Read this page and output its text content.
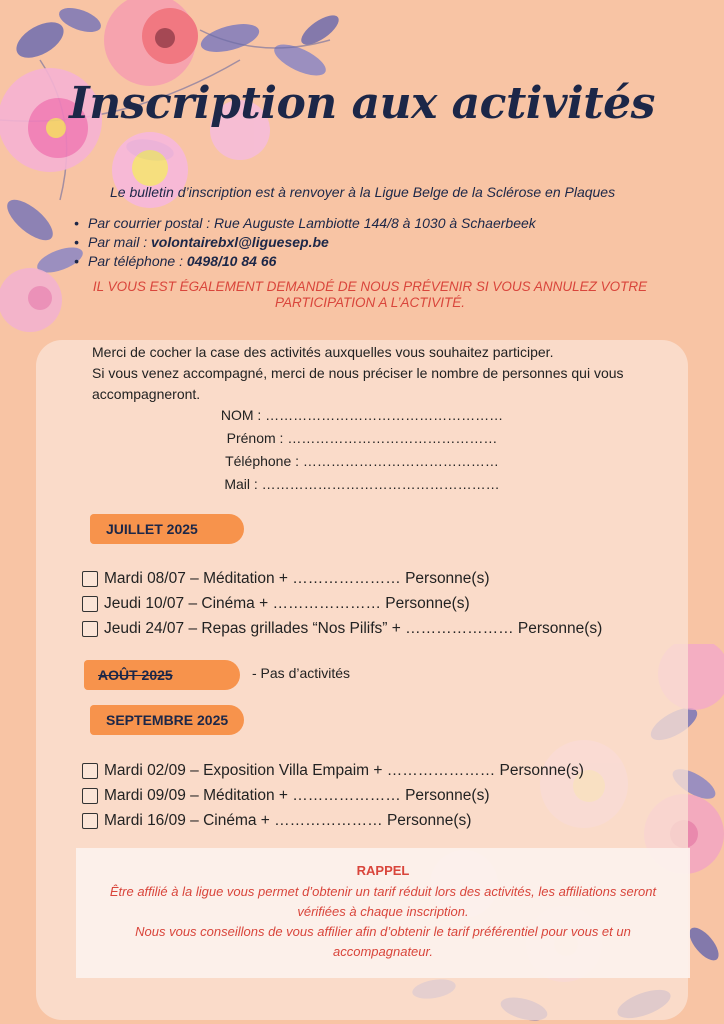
Inscription aux activités
Le bulletin d’inscription est à renvoyer à la Ligue Belge de la Sclérose en Plaques
• Par courrier postal : Rue Auguste Lambiotte 144/8 à 1030 à Schaerbeek
• Par mail : volontairebxl@liguesep.be
• Par téléphone : 0498/10 84 66
IL VOUS EST ÉGALEMENT DEMANDÉ DE NOUS PRÉVENIR SI VOUS ANNULEZ VOTRE PARTICIPATION A L’ACTIVITÉ.
Merci de cocher la case des activités auxquelles vous souhaitez participer.
Si vous venez accompagné, merci de nous préciser le nombre de personnes qui vous accompagneront.
NOM : ……………………………………………
Prénom : ………………………………………
Téléphone : ……………………………………
Mail : ……………………………………………
JUILLET 2025
Mardi 08/07 – Méditation + ………………… Personne(s)
Jeudi 10/07 – Cinéma + ………………… Personne(s)
Jeudi 24/07 – Repas grillades “Nos Pilifs” + ………………… Personne(s)
AOÛT 2025	- Pas d’activités
SEPTEMBRE 2025
Mardi 02/09 – Exposition Villa Empaim + ………………… Personne(s)
Mardi 09/09 – Méditation + ………………… Personne(s)
Mardi 16/09 – Cinéma + ………………… Personne(s)
RAPPEL

Être affilié à la ligue vous permet d’obtenir un tarif réduit lors des activités, les affiliations seront vérifiées à chaque inscription.

Nous vous conseillons de vous affilier afin d’obtenir le tarif préférentiel pour vous et un accompagnateur.
